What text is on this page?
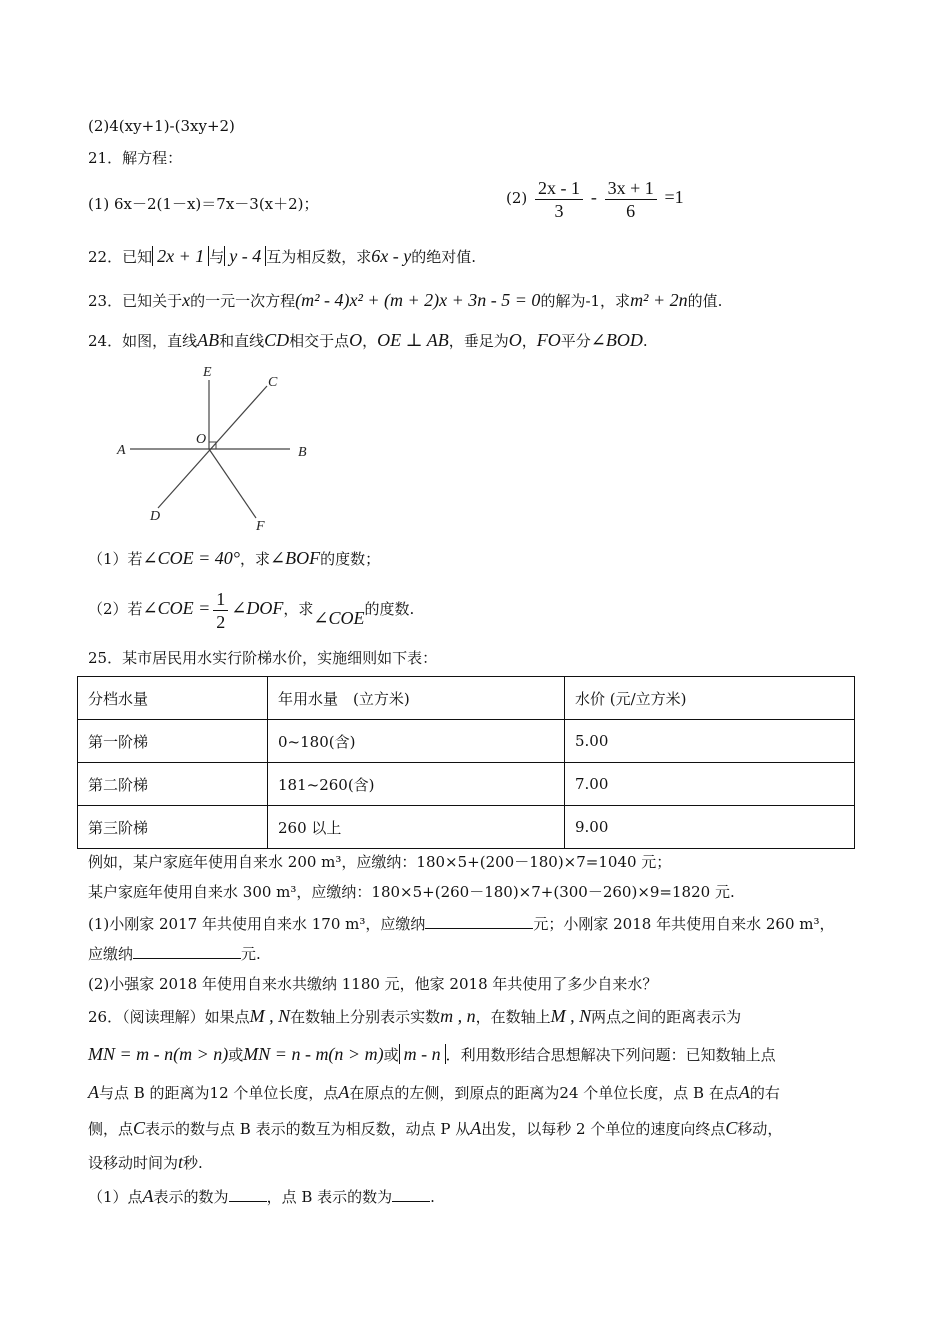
(2)4(xy+1)-(3xy+2)
21．解方程：
(1) 6x－2(1－x)＝7x－3(x＋2)；	$(2) \frac{2x - 1}{3} - \frac{3x + 1}{6} =1$
22．已知 2x + 1 与 y - 4 互为相反数，求6x - y的绝对值.
23．已知关于x的一元一次方程(m² - 4)x² + (m + 2)x + 3n - 5 = 0的解为-1，求m² + 2n的值.
24．如图，直线AB和直线CD相交于点O，OE ⊥ AB，垂足为O，FO平分∠BOD.
E
C
A
O
B
D
F
（1）若∠COE = 40°，求∠BOF的度数；
（2）若∠COE = $\frac{1}{2}$ ∠DOF，求∠COE的度数.
25．某市居民用水实行阶梯水价，实施细则如下表：
分档水量	年用水量　(立方米)	水价 (元/立方米)
第一阶梯	0~180(含)	5.00
第二阶梯	181~260(含)	7.00
第三阶梯	260 以上	9.00
例如，某户家庭年使用自来水 200 m³，应缴纳：180×5+(200－180)×7=1040 元；
某户家庭年使用自来水 300 m³，应缴纳：180×5+(260－180)×7+(300－260)×9=1820 元.
(1)小刚家 2017 年共使用自来水 170 m³，应缴纳	元；小刚家 2018 年共使用自来水 260 m³，
应缴纳	元.
(2)小强家 2018 年使用自来水共缴纳 1180 元，他家 2018 年共使用了多少自来水？
26．（阅读理解）如果点M , N在数轴上分别表示实数m , n，在数轴上M , N两点之间的距离表示为
MN = m - n(m > n)或MN = n - m(n > m)或 m - n ．利用数形结合思想解决下列问题：已知数轴上点
A与点 B 的距离为12 个单位长度，点A在原点的左侧，到原点的距离为24 个单位长度，点 B 在点A的右
侧，点C表示的数与点 B 表示的数互为相反数，动点 P 从A出发，以每秒 2 个单位的速度向终点C移动，
设移动时间为t秒.
（1）点A表示的数为	，点 B 表示的数为	.
